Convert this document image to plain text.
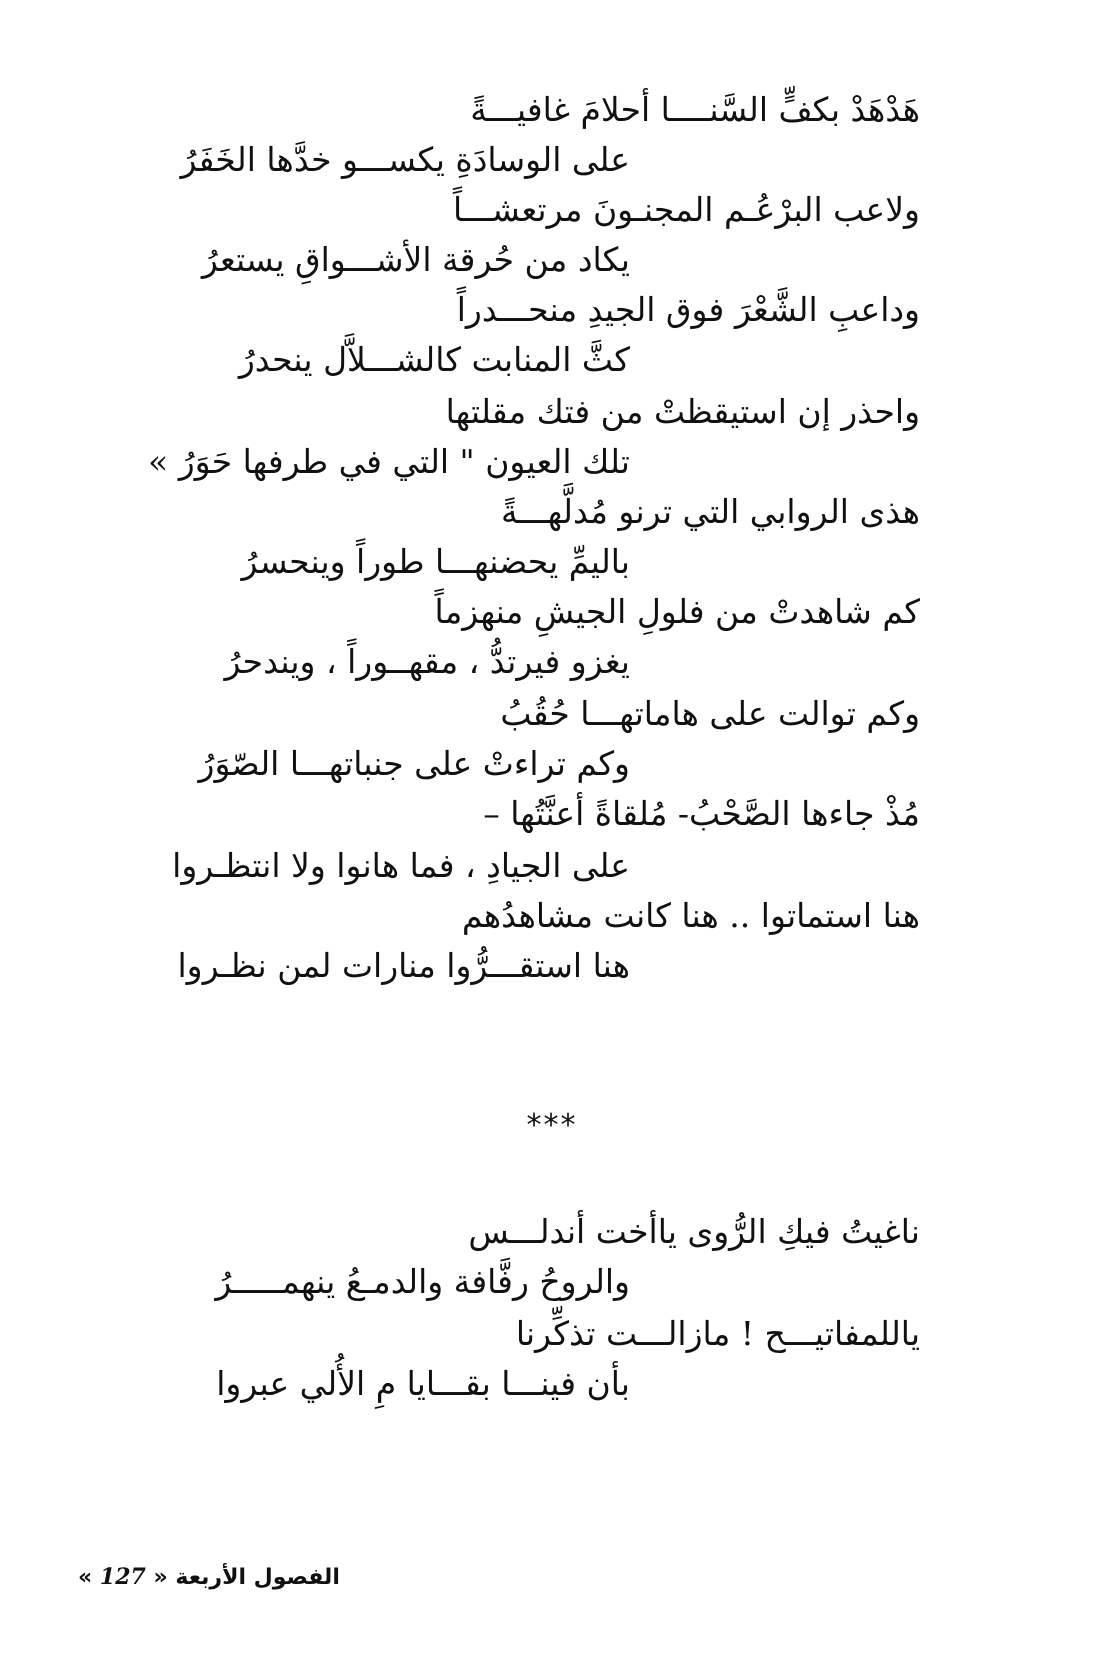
هَدْهَدْ بكفٍّ السَّنــــا أحلامَ غافيـــةً
على الوسادَةِ يكســـو خدَّها الخَفَرُ
ولاعب البرْعُـم المجنـونَ مرتعشـــاً
يكاد من حُرقة الأشـــواقِ يستعرُ
وداعبِ الشَّعْرَ فوق الجيدِ منحـــدراً
كثَّ المنابت كالشـــلاَّل ينحدرُ
واحذر إن استيقظتْ من فتك مقلتها
تلك العيون " التي في طرفها حَوَرُ »
هذى الروابي التي ترنو مُدلَّهـــةً
باليمِّ يحضنهـــا طوراً وينحسرُ
كم شاهدتْ من فلولِ الجيشِ منهزماً
يغزو فيرتدُّ ، مقهــوراً ، ويندحرُ
وكم توالت على هاماتهـــا حُقُبُ
وكم تراءتْ على جنباتهـــا الصّوَرُ
مُذْ جاءها الصَّحْبُ- مُلقاةً أعنَّتُها –
على الجيادِ ، فما هانوا ولا انتظـروا
هنا استماتوا .. هنا كانت مشاهدُهم
هنا استقـــرُّوا منارات لمن نظـروا
***
ناغيتُ فيكِ الرُّوى ياأخت أندلـــس
والروحُ رفَّافة والدمـعُ ينهمـــــرُ
ياللمفاتيـــح ! مازالـــت تذكِّرنا
بأن فينـــا بقـــايا مِ الأُلي عبروا
الفصول الأربعة « 127 »
